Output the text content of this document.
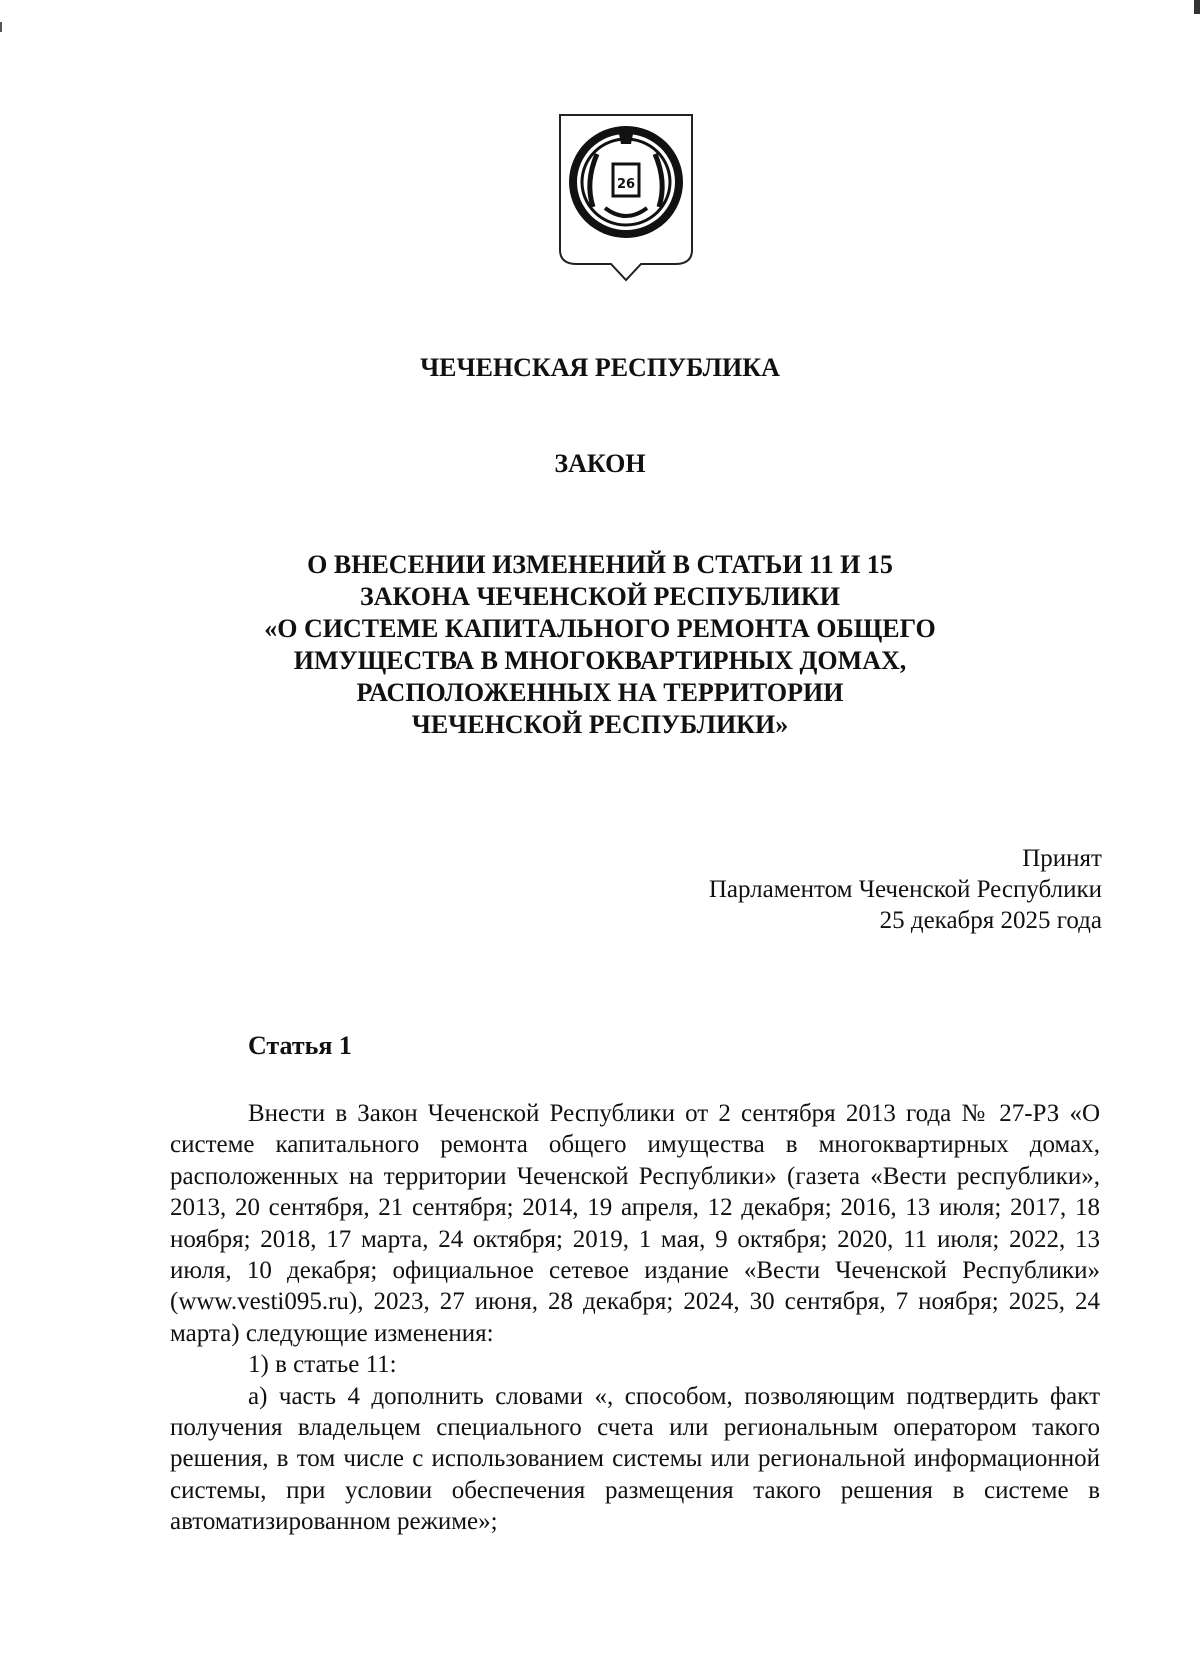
26
ЧЕЧЕНСКАЯ РЕСПУБЛИКА
ЗАКОН
О ВНЕСЕНИИ ИЗМЕНЕНИЙ В СТАТЬИ 11 И 15
ЗАКОНА ЧЕЧЕНСКОЙ РЕСПУБЛИКИ
«О СИСТЕМЕ КАПИТАЛЬНОГО РЕМОНТА ОБЩЕГО
ИМУЩЕСТВА В МНОГОКВАРТИРНЫХ ДОМАХ,
РАСПОЛОЖЕННЫХ НА ТЕРРИТОРИИ
ЧЕЧЕНСКОЙ РЕСПУБЛИКИ»
Принят
Парламентом Чеченской Республики
25 декабря 2025 года
Статья 1

Внести в Закон Чеченской Республики от 2 сентября 2013 года № 27-РЗ «О системе капитального ремонта общего имущества в многоквартирных домах, расположенных на территории Чеченской Республики» (газета «Вести республики», 2013, 20 сентября, 21 сентября; 2014, 19 апреля, 12 декабря; 2016, 13 июля; 2017, 18 ноября; 2018, 17 марта, 24 октября; 2019, 1 мая, 9 октября; 2020, 11 июля; 2022, 13 июля, 10 декабря; официальное сетевое издание «Вести Чеченской Республики» (www.vesti095.ru), 2023, 27 июня, 28 декабря; 2024, 30 сентября, 7 ноября; 2025, 24 марта) следующие изменения:

1) в статье 11:

а) часть 4 дополнить словами «, способом, позволяющим подтвердить факт получения владельцем специального счета или региональным оператором такого решения, в том числе с использованием системы или региональной информационной системы, при условии обеспечения размещения такого решения в системе в автоматизированном режиме»;
